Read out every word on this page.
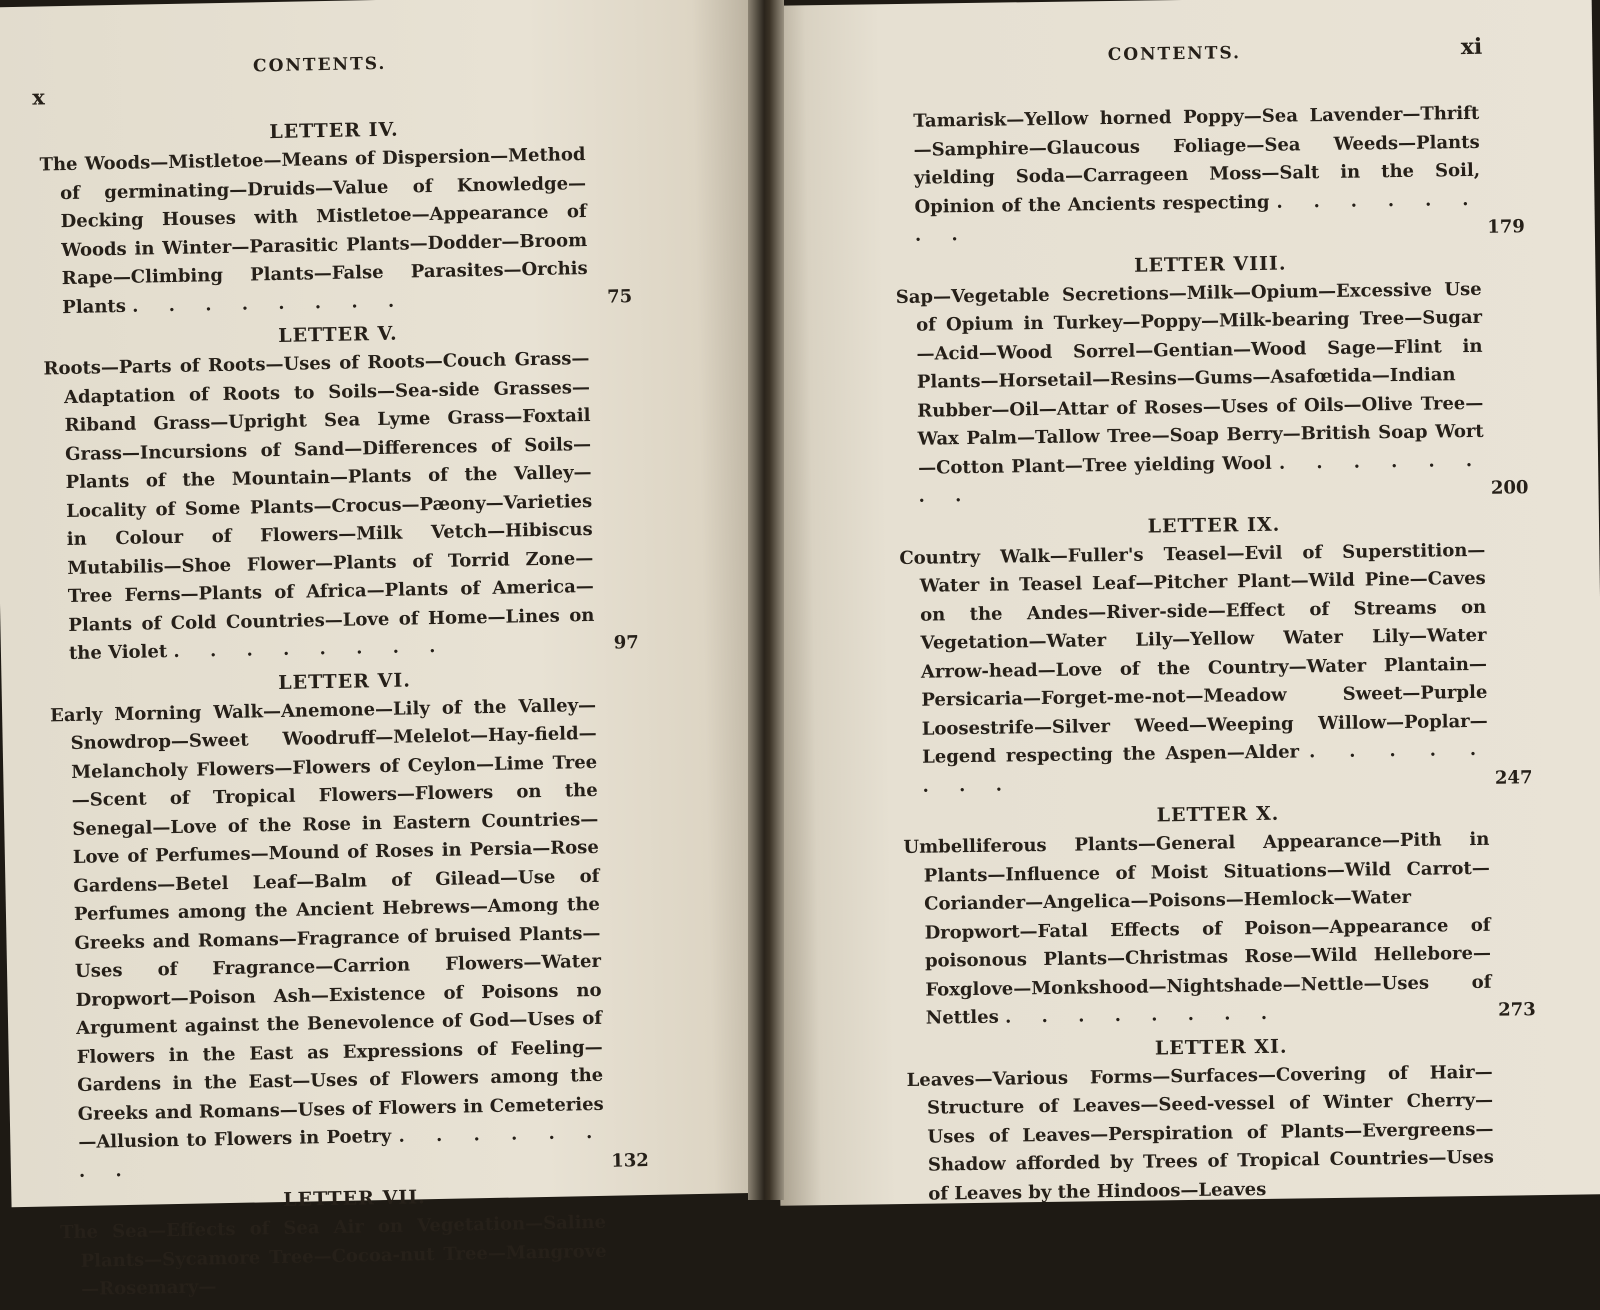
x
CONTENTS.
LETTER IV.
The Woods—Mistletoe—Means of Dispersion—Method of germinating—Druids—Value of Knowledge—Decking Houses with Mistletoe—Appearance of Woods in Winter—Parasitic Plants—Dodder—Broom Rape—Climbing Plants—False Parasites—Orchis Plants . . . . . . . .	75
LETTER V.
Roots—Parts of Roots—Uses of Roots—Couch Grass—Adaptation of Roots to Soils—Sea-side Grasses—Riband Grass—Upright Sea Lyme Grass—Foxtail Grass—Incursions of Sand—Differences of Soils—Plants of the Mountain—Plants of the Valley—Locality of Some Plants—Crocus—Pæony—Varieties in Colour of Flowers—Milk Vetch—Hibiscus Mutabilis—Shoe Flower—Plants of Torrid Zone—Tree Ferns—Plants of Africa—Plants of America—Plants of Cold Countries—Love of Home—Lines on the Violet . . . . . . . .	97
LETTER VI.
Early Morning Walk—Anemone—Lily of the Valley—Snowdrop—Sweet Woodruff—Melelot—Hay-field—Melancholy Flowers—Flowers of Ceylon—Lime Tree—Scent of Tropical Flowers—Flowers on the Senegal—Love of the Rose in Eastern Countries—Love of Perfumes—Mound of Roses in Persia—Rose Gardens—Betel Leaf—Balm of Gilead—Use of Perfumes among the Ancient Hebrews—Among the Greeks and Romans—Fragrance of bruised Plants—Uses of Fragrance—Carrion Flowers—Water Dropwort—Poison Ash—Existence of Poisons no Argument against the Benevolence of God—Uses of Flowers in the East as Expressions of Feeling—Gardens in the East—Uses of Flowers among the Greeks and Romans—Uses of Flowers in Cemeteries—Allusion to Flowers in Poetry . . . . . . . .	132
LETTER VII.
The Sea—Effects of Sea Air on Vegetation—Saline Plants—Sycamore Tree—Cocoa-nut Tree—Mangrove—Rosemary—
CONTENTS.	xi
Tamarisk—Yellow horned Poppy—Sea Lavender—Thrift—Samphire—Glaucous Foliage—Sea Weeds—Plants yielding Soda—Carrageen Moss—Salt in the Soil, Opinion of the Ancients respecting . . . . . . . .	179
LETTER VIII.
Sap—Vegetable Secretions—Milk—Opium—Excessive Use of Opium in Turkey—Poppy—Milk-bearing Tree—Sugar—Acid—Wood Sorrel—Gentian—Wood Sage—Flint in Plants—Horsetail—Resins—Gums—Asafœtida—Indian Rubber—Oil—Attar of Roses—Uses of Oils—Olive Tree—Wax Palm—Tallow Tree—Soap Berry—British Soap Wort—Cotton Plant—Tree yielding Wool . . . . . . . .	200
LETTER IX.
Country Walk—Fuller's Teasel—Evil of Superstition—Water in Teasel Leaf—Pitcher Plant—Wild Pine—Caves on the Andes—River-side—Effect of Streams on Vegetation—Water Lily—Yellow Water Lily—Water Arrow-head—Love of the Country—Water Plantain—Persicaria—Forget-me-not—Meadow Sweet—Purple Loosestrife—Silver Weed—Weeping Willow—Poplar—Legend respecting the Aspen—Alder . . . . . . . .	247
LETTER X.
Umbelliferous Plants—General Appearance—Pith in Plants—Influence of Moist Situations—Wild Carrot—Coriander—Angelica—Poisons—Hemlock—Water Dropwort—Fatal Effects of Poison—Appearance of poisonous Plants—Christmas Rose—Wild Hellebore—Foxglove—Monkshood—Nightshade—Nettle—Uses of Nettles . . . . . . . .	273
LETTER XI.
Leaves—Various Forms—Surfaces—Covering of Hair—Structure of Leaves—Seed-vessel of Winter Cherry—Uses of Leaves—Perspiration of Plants—Evergreens—Shadow afforded by Trees of Tropical Countries—Uses of Leaves by the Hindoos—Leaves
